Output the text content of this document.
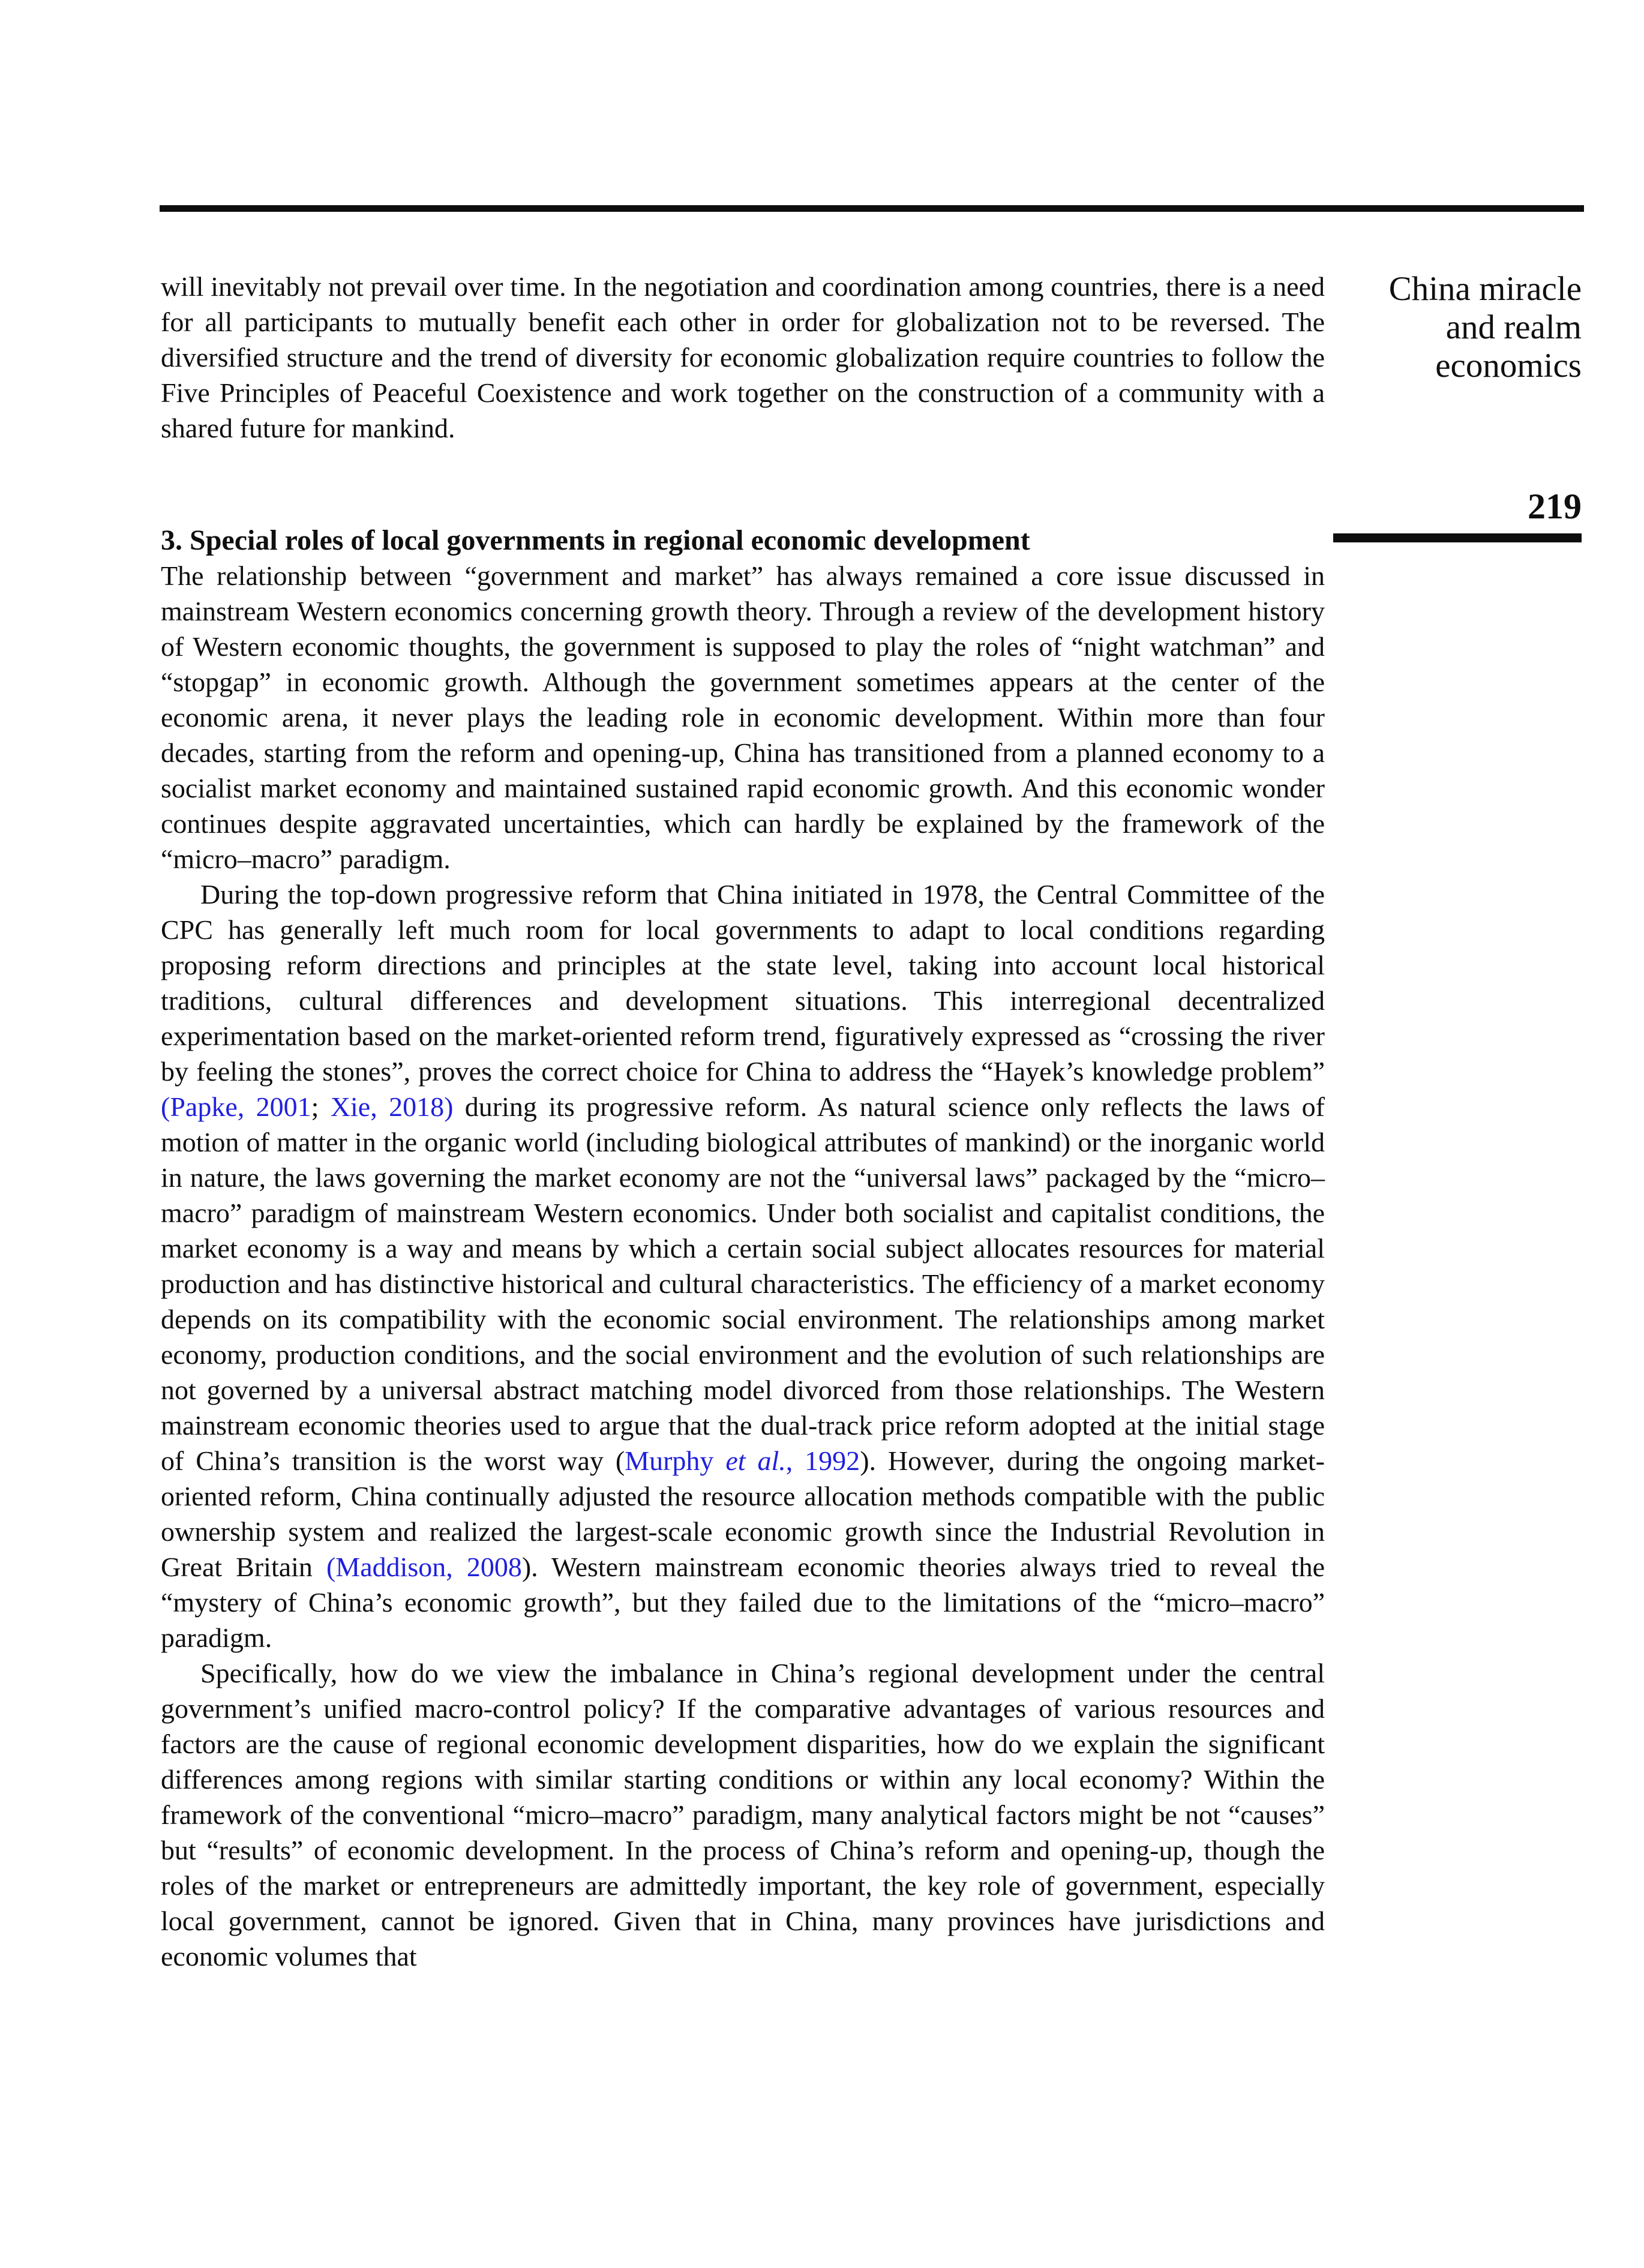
China miracle
and realm
economics
219

will inevitably not prevail over time. In the negotiation and coordination among countries, there is a need for all participants to mutually benefit each other in order for globalization not to be reversed. The diversified structure and the trend of diversity for economic globalization require countries to follow the Five Principles of Peaceful Coexistence and work together on the construction of a community with a shared future for mankind.

3. Special roles of local governments in regional economic development

The relationship between “government and market” has always remained a core issue discussed in mainstream Western economics concerning growth theory. Through a review of the development history of Western economic thoughts, the government is supposed to play the roles of “night watchman” and “stopgap” in economic growth. Although the government sometimes appears at the center of the economic arena, it never plays the leading role in economic development. Within more than four decades, starting from the reform and opening-up, China has transitioned from a planned economy to a socialist market economy and maintained sustained rapid economic growth. And this economic wonder continues despite aggravated uncertainties, which can hardly be explained by the framework of the “micro–macro” paradigm.

During the top-down progressive reform that China initiated in 1978, the Central Committee of the CPC has generally left much room for local governments to adapt to local conditions regarding proposing reform directions and principles at the state level, taking into account local historical traditions, cultural differences and development situations. This interregional decentralized experimentation based on the market-oriented reform trend, figuratively expressed as “crossing the river by feeling the stones”, proves the correct choice for China to address the “Hayek’s knowledge problem” (Papke, 2001; Xie, 2018) during its progressive reform. As natural science only reflects the laws of motion of matter in the organic world (including biological attributes of mankind) or the inorganic world in nature, the laws governing the market economy are not the “universal laws” packaged by the “micro–macro” paradigm of mainstream Western economics. Under both socialist and capitalist conditions, the market economy is a way and means by which a certain social subject allocates resources for material production and has distinctive historical and cultural characteristics. The efficiency of a market economy depends on its compatibility with the economic social environment. The relationships among market economy, production conditions, and the social environment and the evolution of such relationships are not governed by a universal abstract matching model divorced from those relationships. The Western mainstream economic theories used to argue that the dual-track price reform adopted at the initial stage of China’s transition is the worst way (Murphy et al., 1992). However, during the ongoing market-oriented reform, China continually adjusted the resource allocation methods compatible with the public ownership system and realized the largest-scale economic growth since the Industrial Revolution in Great Britain (Maddison, 2008). Western mainstream economic theories always tried to reveal the “mystery of China’s economic growth”, but they failed due to the limitations of the “micro–macro” paradigm.

Specifically, how do we view the imbalance in China’s regional development under the central government’s unified macro-control policy? If the comparative advantages of various resources and factors are the cause of regional economic development disparities, how do we explain the significant differences among regions with similar starting conditions or within any local economy? Within the framework of the conventional “micro–macro” paradigm, many analytical factors might be not “causes” but “results” of economic development. In the process of China’s reform and opening-up, though the roles of the market or entrepreneurs are admittedly important, the key role of government, especially local government, cannot be ignored. Given that in China, many provinces have jurisdictions and economic volumes that
